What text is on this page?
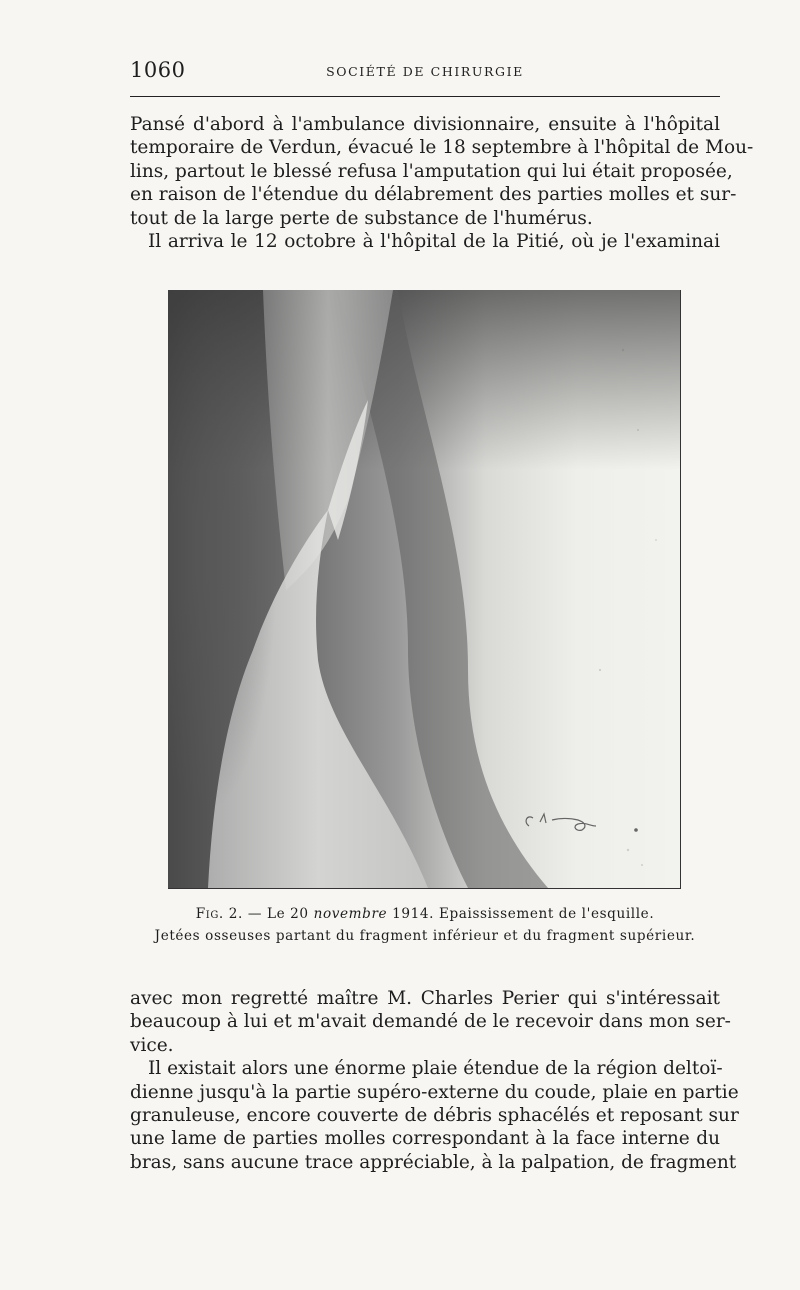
1060	SOCIÉTÉ DE CHIRURGIE
Pansé d'abord à l'ambulance divisionnaire, ensuite à l'hôpital
temporaire de Verdun, évacué le 18 septembre à l'hôpital de Mou-
lins, partout le blessé refusa l'amputation qui lui était proposée,
en raison de l'étendue du délabrement des parties molles et sur-
tout de la large perte de substance de l'humérus.
Il arriva le 12 octobre à l'hôpital de la Pitié, où je l'examinai
Fig. 2. — Le 20 novembre 1914. Epaississement de l'esquille.
Jetées osseuses partant du fragment inférieur et du fragment supérieur.
avec mon regretté maître M. Charles Perier qui s'intéressait
beaucoup à lui et m'avait demandé de le recevoir dans mon ser-
vice.
Il existait alors une énorme plaie étendue de la région deltoï-
dienne jusqu'à la partie supéro-externe du coude, plaie en partie
granuleuse, encore couverte de débris sphacélés et reposant sur
une lame de parties molles correspondant à la face interne du
bras, sans aucune trace appréciable, à la palpation, de fragment
